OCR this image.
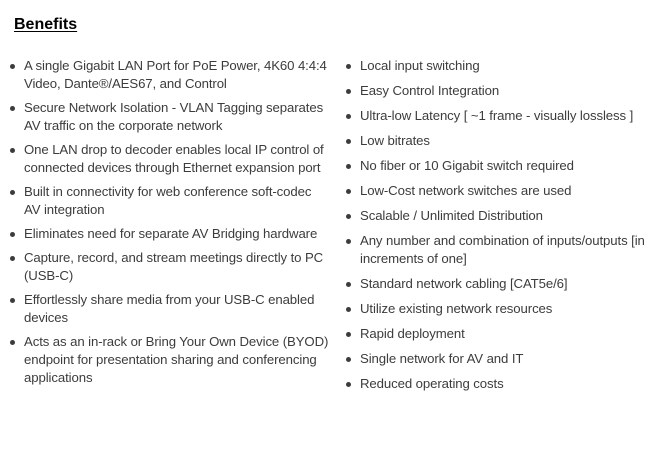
Benefits
A single Gigabit LAN Port for PoE Power, 4K60 4:4:4 Video, Dante®/AES67, and Control
Secure Network Isolation - VLAN Tagging separates AV traffic on the corporate network
One LAN drop to decoder enables local IP control of connected devices through Ethernet expansion port
Built in connectivity for web conference soft-codec AV integration
Eliminates need for separate AV Bridging hardware
Capture, record, and stream meetings directly to PC (USB-C)
Effortlessly share media from your USB-C enabled devices
Acts as an in-rack or Bring Your Own Device (BYOD) endpoint for presentation sharing and conferencing applications
Local input switching
Easy Control Integration
Ultra-low Latency [ ~1 frame - visually lossless ]
Low bitrates
No fiber or 10 Gigabit switch required
Low-Cost network switches are used
Scalable / Unlimited Distribution
Any number and combination of inputs/outputs [in increments of one]
Standard network cabling [CAT5e/6]
Utilize existing network resources
Rapid deployment
Single network for AV and IT
Reduced operating costs
